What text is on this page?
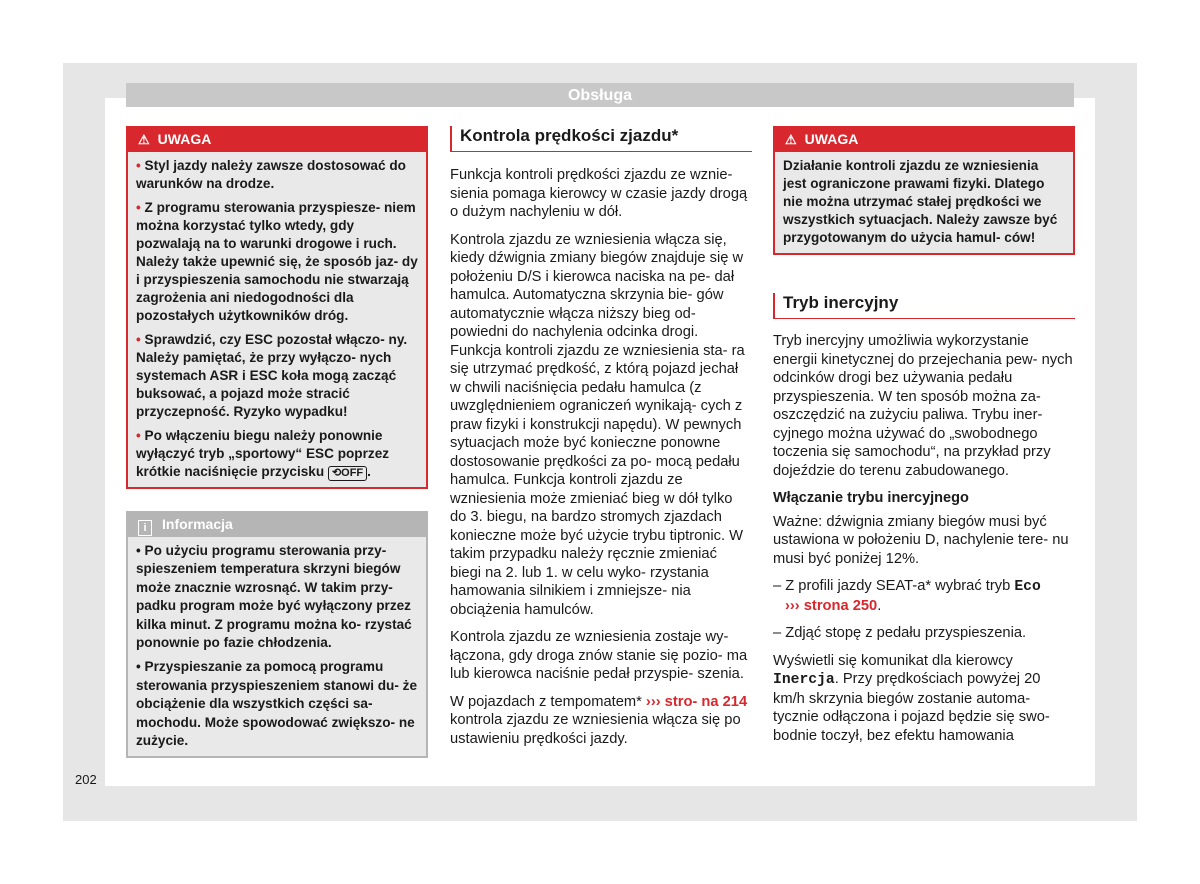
Obsługa
⚠ UWAGA

• Styl jazdy należy zawsze dostosować do warunków na drodze.

• Z programu sterowania przyspiesze- niem można korzystać tylko wtedy, gdy pozwalają na to warunki drogowe i ruch. Należy także upewnić się, że sposób jaz- dy i przyspieszenia samochodu nie stwarzają zagrożenia ani niedogodności dla pozostałych użytkowników dróg.

• Sprawdzić, czy ESC pozostał włączo- ny. Należy pamiętać, że przy wyłączo- nych systemach ASR i ESC koła mogą zacząć buksować, a pojazd może stracić przyczepność. Ryzyko wypadku!

• Po włączeniu biegu należy ponownie wyłączyć tryb „sportowy“ ESC poprzez krótkie naciśnięcie przycisku ⟲OFF .

i Informacja

• Po użyciu programu sterowania przy- spieszeniem temperatura skrzyni biegów może znacznie wzrosnąć. W takim przy- padku program może być wyłączony przez kilka minut. Z programu można ko- rzystać ponownie po fazie chłodzenia.

• Przyspieszanie za pomocą programu sterowania przyspieszeniem stanowi du- że obciążenie dla wszystkich części sa- mochodu. Może spowodować zwiększo- ne zużycie.

Kontrola prędkości zjazdu*

Funkcja kontroli prędkości zjazdu ze wznie- sienia pomaga kierowcy w czasie jazdy drogą o dużym nachyleniu w dół.

Kontrola zjazdu ze wzniesienia włącza się, kiedy dźwignia zmiany biegów znajduje się w położeniu D/S i kierowca naciska na pe- dał hamulca. Automatyczna skrzynia bie- gów automatycznie włącza niższy bieg od- powiedni do nachylenia odcinka drogi. Funkcja kontroli zjazdu ze wzniesienia sta- ra się utrzymać prędkość, z którą pojazd jechał w chwili naciśnięcia pedału hamulca (z uwzględnieniem ograniczeń wynikają- cych z praw fizyki i konstrukcji napędu). W pewnych sytuacjach może być konieczne ponowne dostosowanie prędkości za po- mocą pedału hamulca. Funkcja kontroli zjazdu ze wzniesienia może zmieniać bieg w dół tylko do 3. biegu, na bardzo stromych zjazdach konieczne może być użycie trybu tiptronic. W takim przypadku należy ręcznie zmieniać biegi na 2. lub 1. w celu wyko- rzystania hamowania silnikiem i zmniejsze- nia obciążenia hamulców.

Kontrola zjazdu ze wzniesienia zostaje wy- łączona, gdy droga znów stanie się pozio- ma lub kierowca naciśnie pedał przyspie- szenia.

W pojazdach z tempomatem* ››› stro- na 214 kontrola zjazdu ze wzniesienia włącza się po ustawieniu prędkości jazdy.

⚠ UWAGA

Działanie kontroli zjazdu ze wzniesienia jest ograniczone prawami fizyki. Dlatego nie można utrzymać stałej prędkości we wszystkich sytuacjach. Należy zawsze być przygotowanym do użycia hamul- ców!

Tryb inercyjny

Tryb inercyjny umożliwia wykorzystanie energii kinetycznej do przejechania pew- nych odcinków drogi bez używania pedału przyspieszenia. W ten sposób można za- oszczędzić na zużyciu paliwa. Trybu iner- cyjnego można używać do „swobodnego toczenia się samochodu“, na przykład przy dojeździe do terenu zabudowanego.

Włączanie trybu inercyjnego

Ważne: dźwignia zmiany biegów musi być ustawiona w położeniu D, nachylenie tere- nu musi być poniżej 12%.

– Z profili jazdy SEAT-a* wybrać tryb Eco
››› strona 250.

– Zdjąć stopę z pedału przyspieszenia.

Wyświetli się komunikat dla kierowcy Inercja. Przy prędkościach powyżej 20 km/h skrzynia biegów zostanie automa- tycznie odłączona i pojazd będzie się swo- bodnie toczył, bez efektu hamowania

202
